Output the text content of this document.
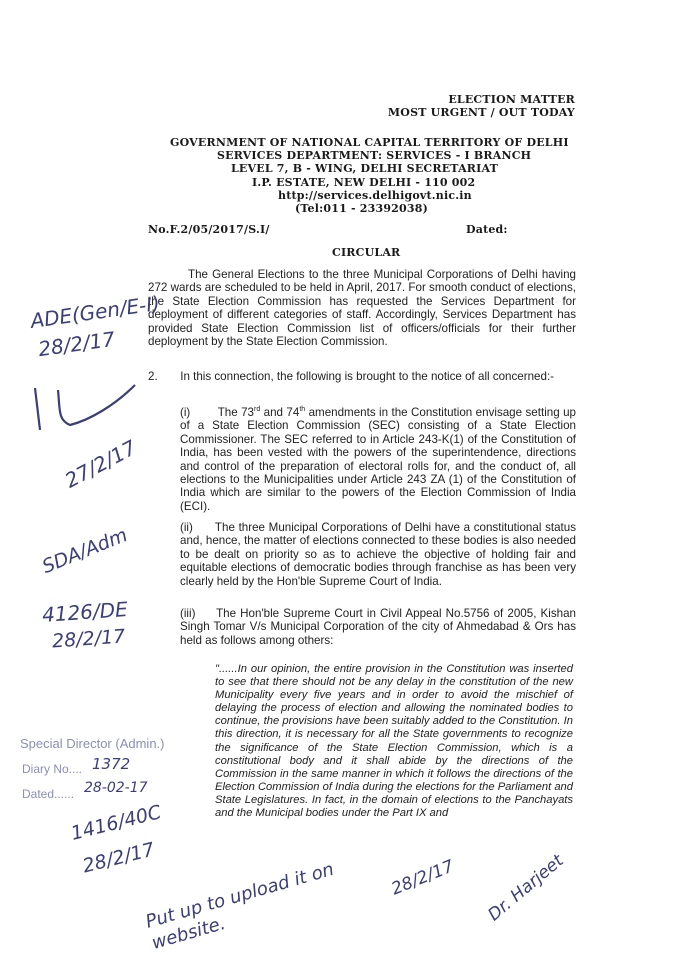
ELECTION MATTER
MOST URGENT / OUT TODAY
GOVERNMENT OF NATIONAL CAPITAL TERRITORY OF DELHI
SERVICES DEPARTMENT: SERVICES - I BRANCH
LEVEL 7, B - WING, DELHI SECRETARIAT
I.P. ESTATE, NEW DELHI - 110 002
http://services.delhigovt.nic.in
(Tel:011 - 23392038)
No.F.2/05/2017/S.I/	Dated:
CIRCULAR
The General Elections to the three Municipal Corporations of Delhi having 272 wards are scheduled to be held in April, 2017. For smooth conduct of elections, the State Election Commission has requested the Services Department for deployment of different categories of staff. Accordingly, Services Department has provided State Election Commission list of officers/officials for their further deployment by the State Election Commission.
2. In this connection, the following is brought to the notice of all concerned:-
(i) The 73rd and 74th amendments in the Constitution envisage setting up of a State Election Commission (SEC) consisting of a State Election Commissioner. The SEC referred to in Article 243-K(1) of the Constitution of India, has been vested with the powers of the superintendence, directions and control of the preparation of electoral rolls for, and the conduct of, all elections to the Municipalities under Article 243 ZA (1) of the Constitution of India which are similar to the powers of the Election Commission of India (ECI).
(ii) The three Municipal Corporations of Delhi have a constitutional status and, hence, the matter of elections connected to these bodies is also needed to be dealt on priority so as to achieve the objective of holding fair and equitable elections of democratic bodies through franchise as has been very clearly held by the Hon'ble Supreme Court of India.
(iii) The Hon'ble Supreme Court in Civil Appeal No.5756 of 2005, Kishan Singh Tomar V/s Municipal Corporation of the city of Ahmedabad & Ors has held as follows among others:
"......In our opinion, the entire provision in the Constitution was inserted to see that there should not be any delay in the constitution of the new Municipality every five years and in order to avoid the mischief of delaying the process of election and allowing the nominated bodies to continue, the provisions have been suitably added to the Constitution. In this direction, it is necessary for all the State governments to recognize the significance of the State Election Commission, which is a constitutional body and it shall abide by the directions of the Commission in the same manner in which it follows the directions of the Election Commission of India during the elections for the Parliament and State Legislatures. In fact, in the domain of elections to the Panchayats and the Municipal bodies under the Part IX and
Special Director (Admin.)
Diary No.... 1372
Dated...... 28-02-17
ADE(Gen/E-I)
28/2/17
27/2/17
SDA/Adm
4126/DE
28/2/17
1416/40C
28/2/17
Put up to upload it on website.
28/2/17 Dr. Harjeet
